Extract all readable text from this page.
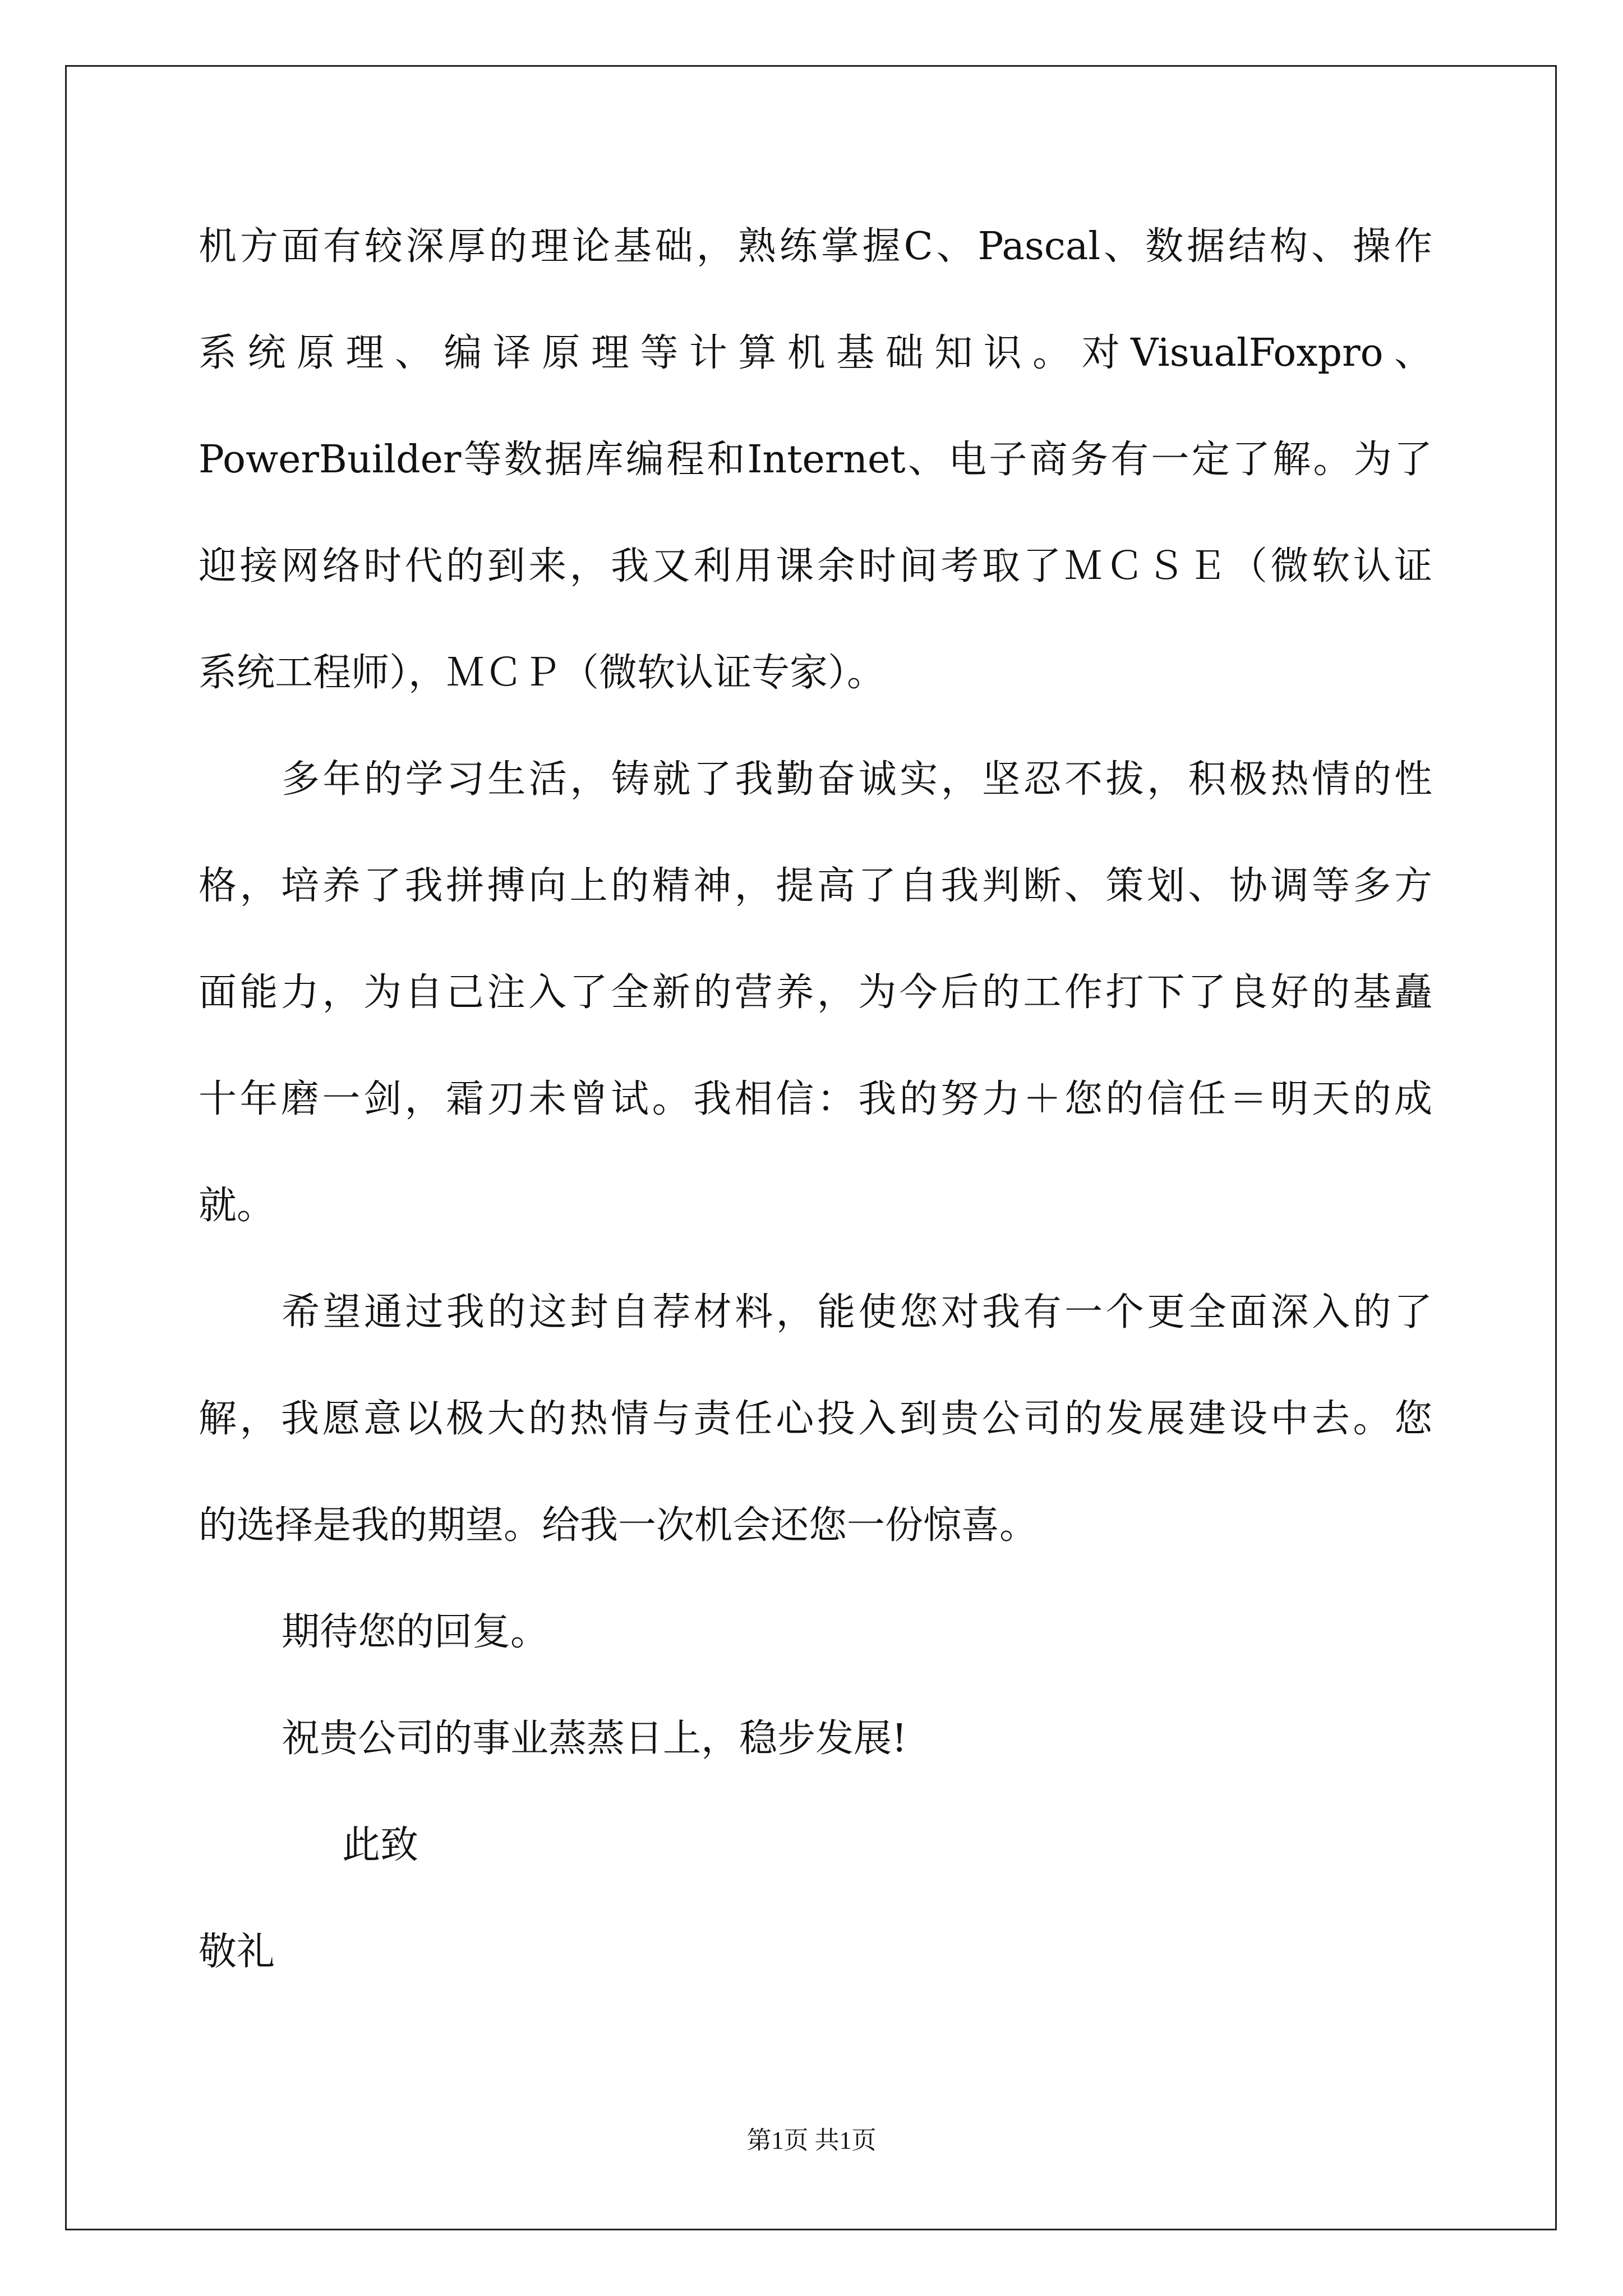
机方面有较深厚的理论基础，熟练掌握C、Pascal、数据结构、操作
系统原理、编译原理等计算机基础知识。对VisualFoxpro、
PowerBuilder等数据库编程和Internet、电子商务有一定了解。为了
迎接网络时代的到来，我又利用课余时间考取了ＭＣＳＥ（微软认证
系统工程师），ＭＣＰ（微软认证专家）。
多年的学习生活，铸就了我勤奋诚实，坚忍不拔，积极热情的性
格，培养了我拼搏向上的精神，提高了自我判断、策划、协调等多方
面能力，为自己注入了全新的营养，为今后的工作打下了良好的基矗
十年磨一剑，霜刃未曾试。我相信：我的努力＋您的信任＝明天的成
就。
希望通过我的这封自荐材料，能使您对我有一个更全面深入的了
解，我愿意以极大的热情与责任心投入到贵公司的发展建设中去。您
的选择是我的期望。给我一次机会还您一份惊喜。
期待您的回复。
祝贵公司的事业蒸蒸日上，稳步发展!
此致
敬礼
第1页 共1页
